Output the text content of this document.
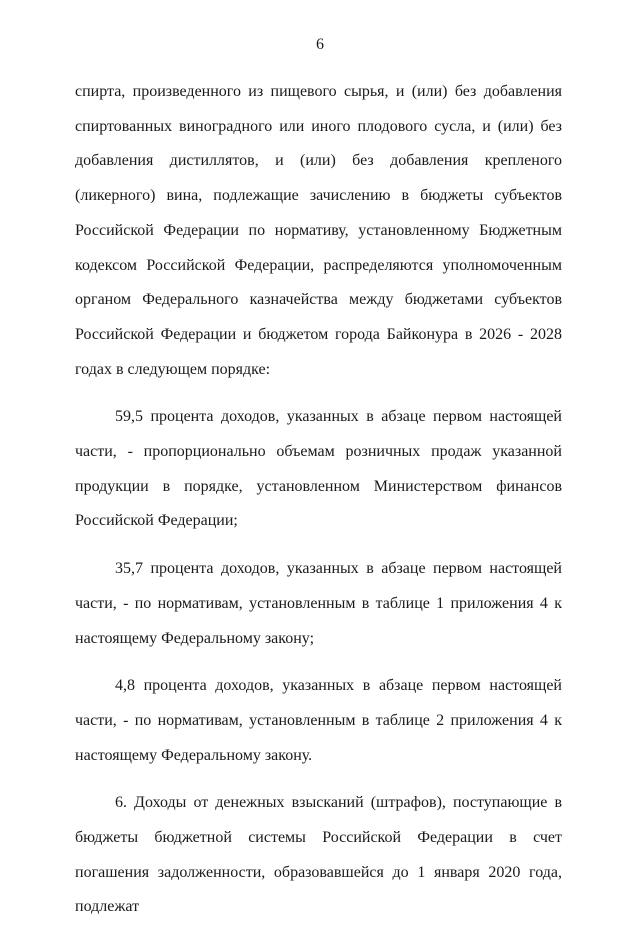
6

спирта, произведенного из пищевого сырья, и (или) без добавления спиртованных виноградного или иного плодового сусла, и (или) без добавления дистиллятов, и (или) без добавления крепленого (ликерного) вина, подлежащие зачислению в бюджеты субъектов Российской Федерации по нормативу, установленному Бюджетным кодексом Российской Федерации, распределяются уполномоченным органом Федерального казначейства между бюджетами субъектов Российской Федерации и бюджетом города Байконура в 2026 - 2028 годах в следующем порядке:

59,5 процента доходов, указанных в абзаце первом настоящей части, - пропорционально объемам розничных продаж указанной продукции в порядке, установленном Министерством финансов Российской Федерации;

35,7 процента доходов, указанных в абзаце первом настоящей части, - по нормативам, установленным в таблице 1 приложения 4 к настоящему Федеральному закону;

4,8 процента доходов, указанных в абзаце первом настоящей части, - по нормативам, установленным в таблице 2 приложения 4 к настоящему Федеральному закону.

6. Доходы от денежных взысканий (штрафов), поступающие в бюджеты бюджетной системы Российской Федерации в счет погашения задолженности, образовавшейся до 1 января 2020 года, подлежат
